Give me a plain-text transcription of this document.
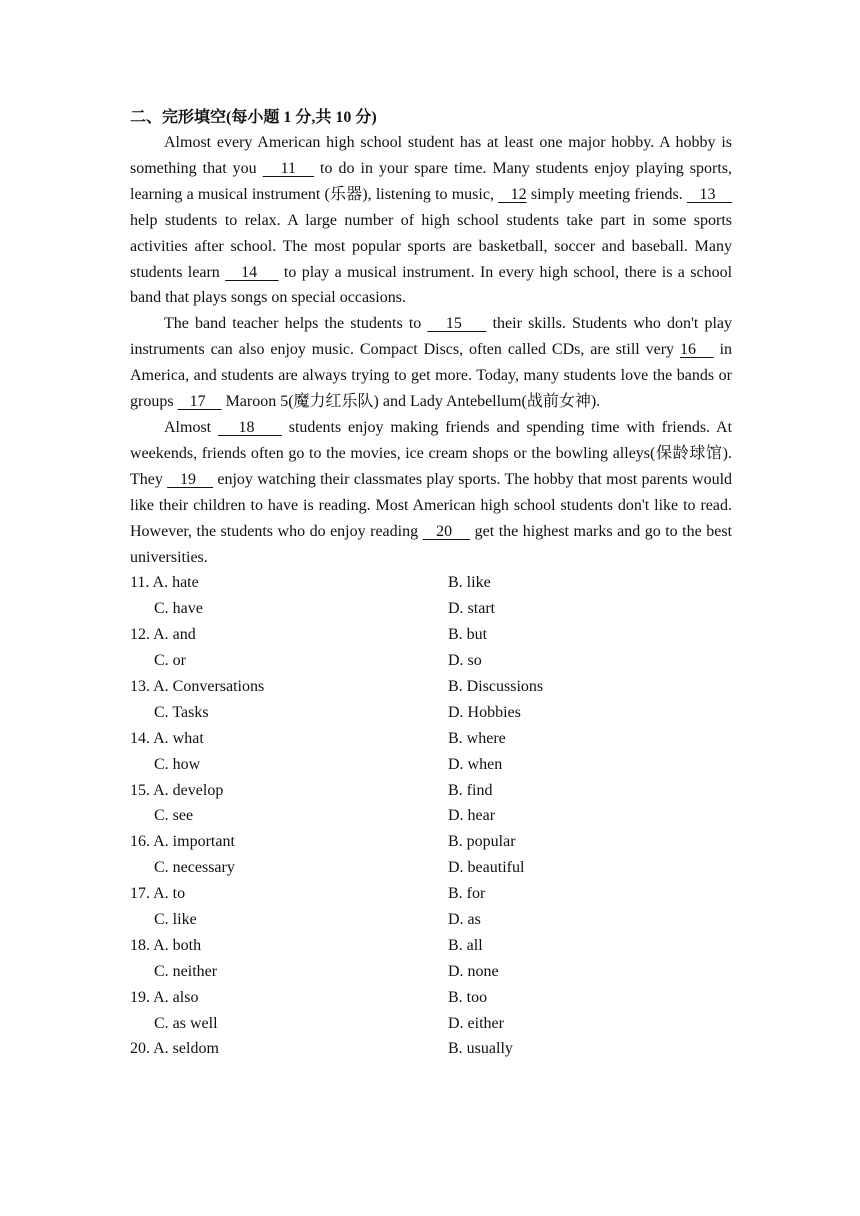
二、完形填空(每小题 1 分,共 10 分)

Almost every American high school student has at least one major hobby. A hobby is something that you    11    to do in your spare time. Many students enjoy playing sports, learning a musical instrument (乐器), listening to music,    12 simply meeting friends.    13     help students to relax. A large number of high school students take part in some sports activities after school. The most popular sports are basketball, soccer and baseball. Many students learn    14     to play a musical instrument. In every high school, there is a school band that plays songs on special occasions.

The band teacher helps the students to    15     their skills. Students who don't play instruments can also enjoy music. Compact Discs, often called CDs, are still very 16    in America, and students are always trying to get more. Today, many students love the bands or groups    17     Maroon 5(魔力红乐队) and Lady Antebellum(战前女神).

Almost    18     students enjoy making friends and spending time with friends. At weekends, friends often go to the movies, ice cream shops or the bowling alleys(保龄球馆). They    19     enjoy watching their classmates play sports. The hobby that most parents would like their children to have is reading. Most American high school students don't like to read. However, the students who do enjoy reading    20     get the highest marks and go to the best universities.

11. A. hate	B. like
C. have	D. start
12. A. and	B. but
C. or	D. so
13. A. Conversations	B. Discussions
C. Tasks	D. Hobbies
14. A. what	B. where
C. how	D. when
15. A. develop	B. find
C. see	D. hear
16. A. important	B. popular
C. necessary	D. beautiful
17. A. to	B. for
C. like	D. as
18. A. both	B. all
C. neither	D. none
19. A. also	B. too
C. as well	D. either
20. A. seldom	B. usually
